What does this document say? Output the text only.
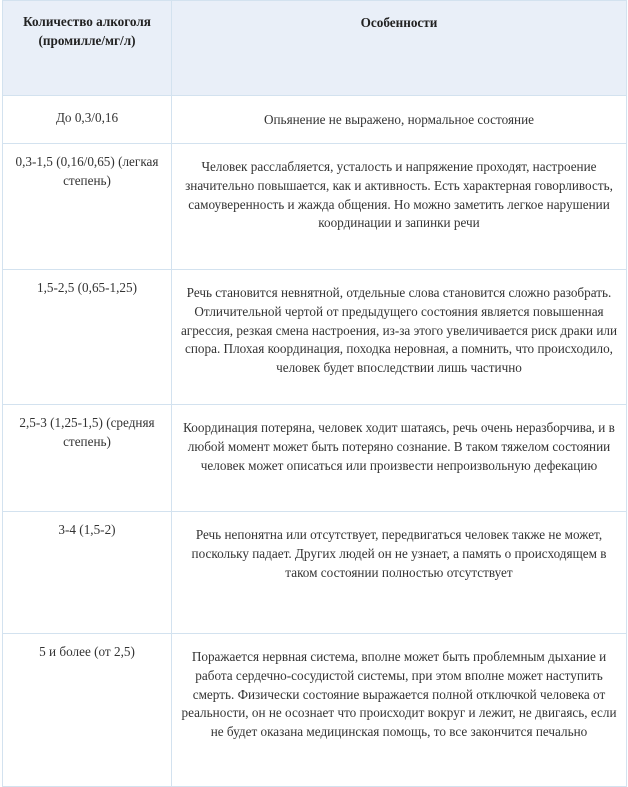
Количество алкоголя (промилле/мг/л)	Особенности
До 0,3/0,16	Опьянение не выражено, нормальное состояние
0,3-1,5 (0,16/0,65) (легкая степень)	Человек расслабляется, усталость и напряжение проходят, настроение значительно повышается, как и активность. Есть характерная говорливость, самоуверенность и жажда общения. Но можно заметить легкое нарушении координации и запинки речи
1,5-2,5 (0,65-1,25)	Речь становится невнятной, отдельные слова становится сложно разобрать. Отличительной чертой от предыдущего состояния является повышенная агрессия, резкая смена настроения, из-за этого увеличивается риск драки или спора. Плохая координация, походка неровная, а помнить, что происходило, человек будет впоследствии лишь частично
2,5-3 (1,25-1,5) (средняя степень)	Координация потеряна, человек ходит шатаясь, речь очень неразборчива, и в любой момент может быть потеряно сознание. В таком тяжелом состоянии человек может описаться или произвести непроизвольную дефекацию
3-4 (1,5-2)	Речь непонятна или отсутствует, передвигаться человек также не может, поскольку падает. Других людей он не узнает, а память о происходящем в таком состоянии полностью отсутствует
5 и более (от 2,5)	Поражается нервная система, вполне может быть проблемным дыхание и работа сердечно-сосудистой системы, при этом вполне может наступить смерть. Физически состояние выражается полной отключкой человека от реальности, он не осознает что происходит вокруг и лежит, не двигаясь, если не будет оказана медицинская помощь, то все закончится печально
